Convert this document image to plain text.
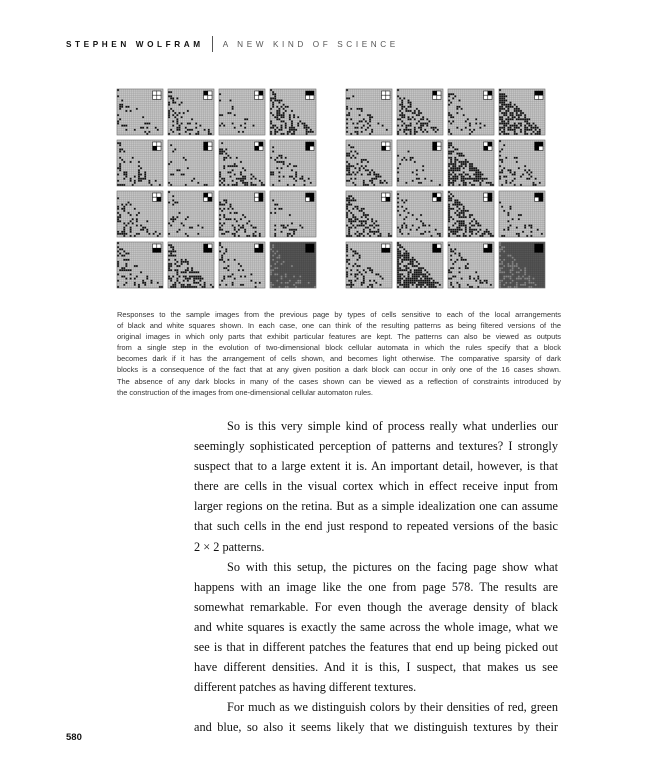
STEPHEN WOLFRAM A NEW KIND OF SCIENCE
Responses to the sample images from the previous page by types of cells sensitive to each of the local arrangements
of black and white squares shown. In each case, one can think of the resulting patterns as being filtered versions of the
original images in which only parts that exhibit particular features are kept. The patterns can also be viewed as outputs
from a single step in the evolution of two-dimensional block cellular automata in which the rules specify that a block
becomes dark if it has the arrangement of cells shown, and becomes light otherwise. The comparative sparsity of dark
blocks is a consequence of the fact that at any given position a dark block can occur in only one of the 16 cases shown.
The absence of any dark blocks in many of the cases shown can be viewed as a reflection of constraints introduced by
the construction of the images from one-dimensional cellular automaton rules.
So is this very simple kind of process really what underlies our
seemingly sophisticated perception of patterns and textures? I strongly
suspect that to a large extent it is. An important detail, however, is that
there are cells in the visual cortex which in effect receive input from
larger regions on the retina. But as a simple idealization one can assume
that such cells in the end just respond to repeated versions of the basic
2 × 2 patterns.
So with this setup, the pictures on the facing page show what
happens with an image like the one from page 578. The results are
somewhat remarkable. For even though the average density of black
and white squares is exactly the same across the whole image, what we
see is that in different patches the features that end up being picked out
have different densities. And it is this, I suspect, that makes us see
different patches as having different textures.
For much as we distinguish colors by their densities of red, green
and blue, so also it seems likely that we distinguish textures by their
580
